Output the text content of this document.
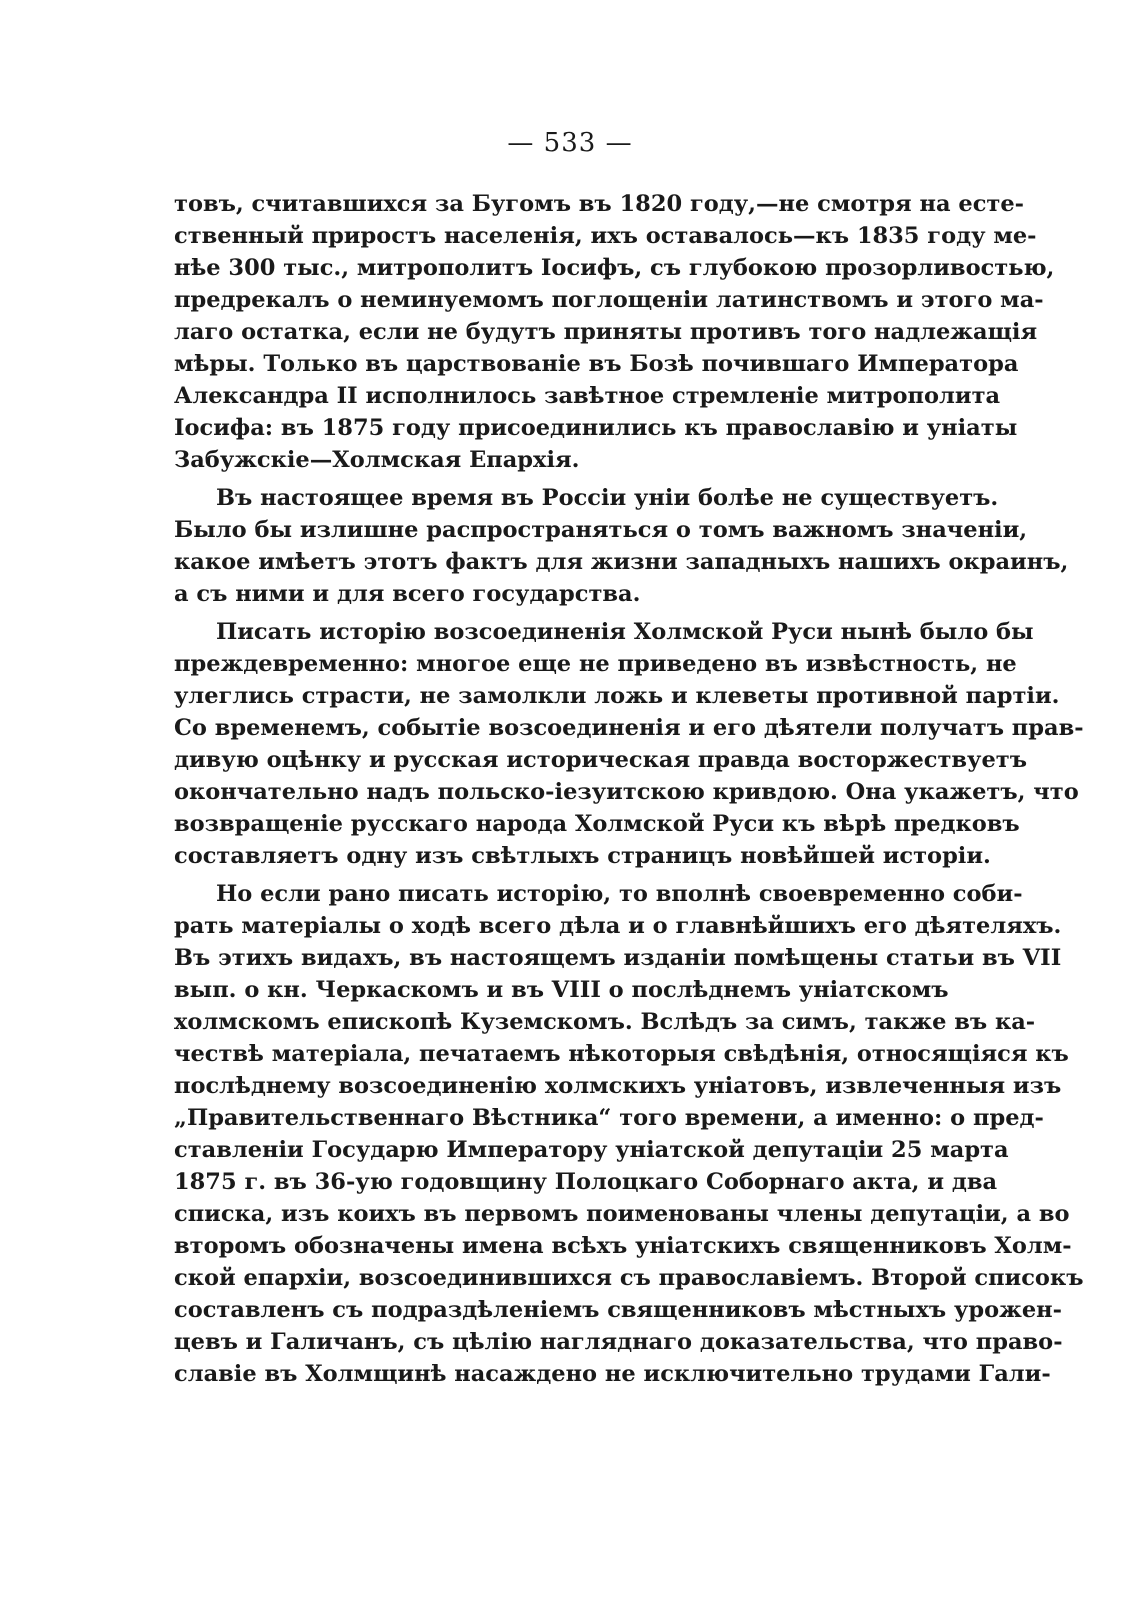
— 533 —
товъ, считавшихся за Бугомъ въ 1820 году,—не смотря на есте-
ственный приростъ населенія, ихъ оставалось—къ 1835 году ме-
нѣе 300 тыс., митрополитъ Іосифъ, съ глубокою прозорливостью,
предрекалъ о неминуемомъ поглощеніи латинствомъ и этого ма-
лаго остатка, если не будутъ приняты противъ того надлежащія
мѣры. Только въ царствованіе въ Бозѣ почившаго Императора
Александра II исполнилось завѣтное стремленіе митрополита
Іосифа: въ 1875 году присоединились къ православію и уніаты
Забужскіе—Холмская Епархія.
Въ настоящее время въ Россіи уніи болѣе не существуетъ.
Было бы излишне распространяться о томъ важномъ значеніи,
какое имѣетъ этотъ фактъ для жизни западныхъ нашихъ окраинъ,
а съ ними и для всего государства.
Писать исторію возсоединенія Холмской Руси нынѣ было бы
преждевременно: многое еще не приведено въ извѣстность, не
улеглись страсти, не замолкли ложь и клеветы противной партіи.
Со временемъ, событіе возсоединенія и его дѣятели получатъ прав-
дивую оцѣнку и русская историческая правда восторжествуетъ
окончательно надъ польско-іезуитскою кривдою. Она укажетъ, что
возвращеніе русскаго народа Холмской Руси къ вѣрѣ предковъ
составляетъ одну изъ свѣтлыхъ страницъ новѣйшей исторіи.
Но если рано писать исторію, то вполнѣ своевременно соби-
рать матеріалы о ходѣ всего дѣла и о главнѣйшихъ его дѣятеляхъ.
Въ этихъ видахъ, въ настоящемъ изданіи помѣщены статьи въ VII
вып. о кн. Черкаскомъ и въ VIII о послѣднемъ уніатскомъ
холмскомъ епископѣ Куземскомъ. Вслѣдъ за симъ, также въ ка-
чествѣ матеріала, печатаемъ нѣкоторыя свѣдѣнія, относящіяся къ
послѣднему возсоединенію холмскихъ уніатовъ, извлеченныя изъ
„Правительственнаго Вѣстника“ того времени, а именно: о пред-
ставленіи Государю Императору уніатской депутаціи 25 марта
1875 г. въ 36-ую годовщину Полоцкаго Соборнаго акта, и два
списка, изъ коихъ въ первомъ поименованы члены депутаціи, а во
второмъ обозначены имена всѣхъ уніатскихъ священниковъ Холм-
ской епархіи, возсоединившихся съ православіемъ. Второй списокъ
составленъ съ подраздѣленіемъ священниковъ мѣстныхъ урожен-
цевъ и Галичанъ, съ цѣлію нагляднаго доказательства, что право-
славіе въ Холмщинѣ насаждено не исключительно трудами Гали-
